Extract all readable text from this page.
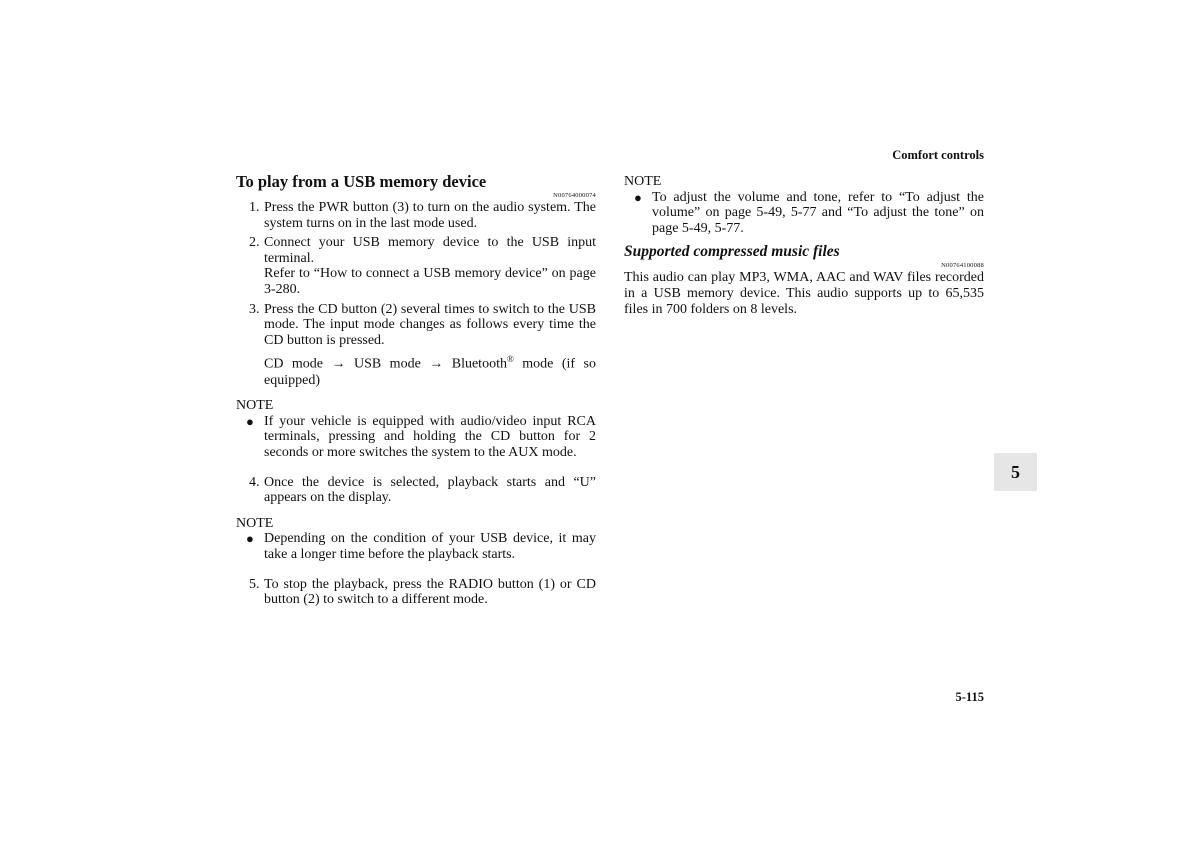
Comfort controls
To play from a USB memory device
N00764000074
1. Press the PWR button (3) to turn on the audio system. The system turns on in the last mode used.
2. Connect your USB memory device to the USB input terminal.
Refer to “How to connect a USB memory device” on page 3-280.
3. Press the CD button (2) several times to switch to the USB mode. The input mode changes as follows every time the CD button is pressed.
CD mode → USB mode → Bluetooth® mode (if so equipped)
NOTE
● If your vehicle is equipped with audio/video input RCA terminals, pressing and holding the CD button for 2 seconds or more switches the system to the AUX mode.
4. Once the device is selected, playback starts and “U” appears on the display.
NOTE
● Depending on the condition of your USB device, it may take a longer time before the playback starts.
5. To stop the playback, press the RADIO button (1) or CD button (2) to switch to a different mode.
NOTE
● To adjust the volume and tone, refer to “To adjust the volume” on page 5-49, 5-77 and “To adjust the tone” on page 5-49, 5-77.
Supported compressed music files
N00764100088
This audio can play MP3, WMA, AAC and WAV files recorded in a USB memory device. This audio supports up to 65,535 files in 700 folders on 8 levels.
5
5-115
